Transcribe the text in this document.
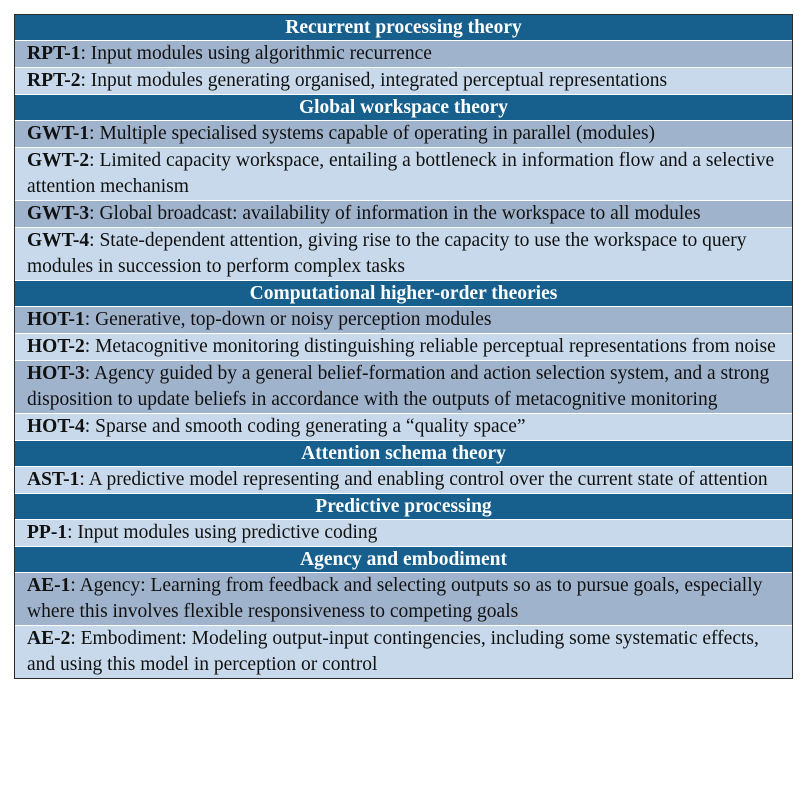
Recurrent processing theory
RPT-1: Input modules using algorithmic recurrence
RPT-2: Input modules generating organised, integrated perceptual representations
Global workspace theory
GWT-1: Multiple specialised systems capable of operating in parallel (modules)
GWT-2: Limited capacity workspace, entailing a bottleneck in information flow and a selective attention mechanism
GWT-3: Global broadcast: availability of information in the workspace to all modules
GWT-4: State-dependent attention, giving rise to the capacity to use the workspace to query modules in succession to perform complex tasks
Computational higher-order theories
HOT-1: Generative, top-down or noisy perception modules
HOT-2: Metacognitive monitoring distinguishing reliable perceptual representations from noise
HOT-3: Agency guided by a general belief-formation and action selection system, and a strong disposition to update beliefs in accordance with the outputs of metacognitive monitoring
HOT-4: Sparse and smooth coding generating a “quality space”
Attention schema theory
AST-1: A predictive model representing and enabling control over the current state of attention
Predictive processing
PP-1: Input modules using predictive coding
Agency and embodiment
AE-1: Agency: Learning from feedback and selecting outputs so as to pursue goals, especially where this involves flexible responsiveness to competing goals
AE-2: Embodiment: Modeling output-input contingencies, including some systematic effects, and using this model in perception or control
